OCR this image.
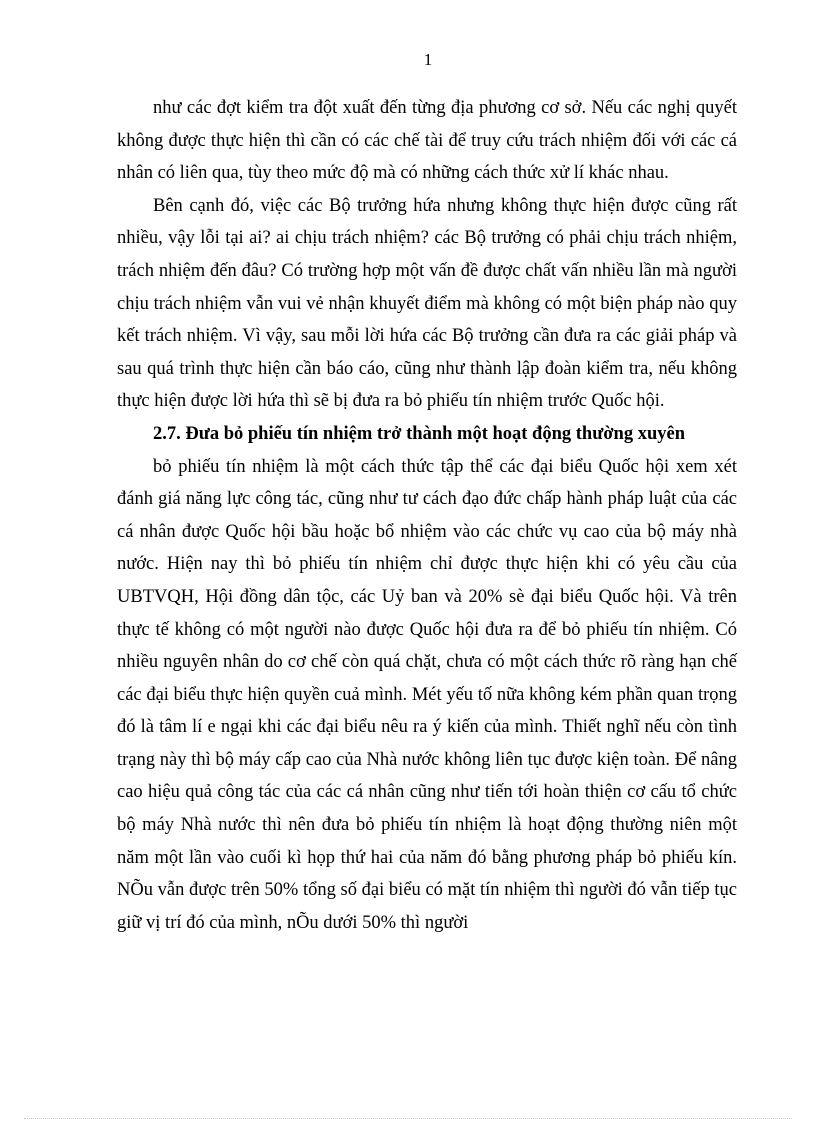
1

như các đợt kiểm tra đột xuất đến từng địa phương cơ sở. Nếu các nghị quyết không được thực hiện thì cần có các chế tài để truy cứu trách nhiệm đối với các cá nhân có liên qua, tùy theo mức độ mà có những cách thức xử lí khác nhau.

Bên cạnh đó, việc các Bộ trưởng hứa nhưng không thực hiện được cũng rất nhiều, vậy lỗi tại ai? ai chịu trách nhiệm? các Bộ trưởng có phải chịu trách nhiệm, trách nhiệm đến đâu? Có trường hợp một vấn đề được chất vấn nhiều lần mà người chịu trách nhiệm vẫn vui vẻ nhận khuyết điểm mà không có một biện pháp nào quy kết trách nhiệm. Vì vậy, sau mỗi lời hứa các Bộ trưởng cần đưa ra các giải pháp và sau quá trình thực hiện cần báo cáo, cũng như thành lập đoàn kiểm tra, nếu không thực hiện được lời hứa thì sẽ bị đưa ra bỏ phiếu tín nhiệm trước Quốc hội.

2.7. Đưa bỏ phiếu tín nhiệm trở thành một hoạt động thường xuyên

bỏ phiếu tín nhiệm là một cách thức tập thể các đại biểu Quốc hội xem xét đánh giá năng lực công tác, cũng như tư cách đạo đức chấp hành pháp luật của các cá nhân được Quốc hội bầu hoặc bổ nhiệm vào các chức vụ cao của bộ máy nhà nước. Hiện nay thì bỏ phiếu tín nhiệm chỉ được thực hiện khi có yêu cầu của UBTVQH, Hội đồng dân tộc, các Uỷ ban và 20% sè đại biểu Quốc hội. Và trên thực tế không có một người nào được Quốc hội đưa ra để bỏ phiếu tín nhiệm. Có nhiều nguyên nhân do cơ chế còn quá chặt, chưa có một cách thức rõ ràng hạn chế các đại biểu thực hiện quyền cuả mình. Mét yếu tố nữa không kém phần quan trọng đó là tâm lí e ngại khi các đại biểu nêu ra ý kiến của mình. Thiết nghĩ nếu còn tình trạng này thì bộ máy cấp cao của Nhà nước không liên tục được kiện toàn. Để nâng cao hiệu quả công tác của các cá nhân cũng như tiến tới hoàn thiện cơ cấu tổ chức bộ máy Nhà nước thì nên đưa bỏ phiếu tín nhiệm là hoạt động thường niên một năm một lần vào cuối kì họp thứ hai của năm đó bằng phương pháp bỏ phiếu kín. NÕu vẫn được trên 50% tổng số đại biểu có mặt tín nhiệm thì người đó vẫn tiếp tục giữ vị trí đó của mình, nÕu dưới 50% thì người
